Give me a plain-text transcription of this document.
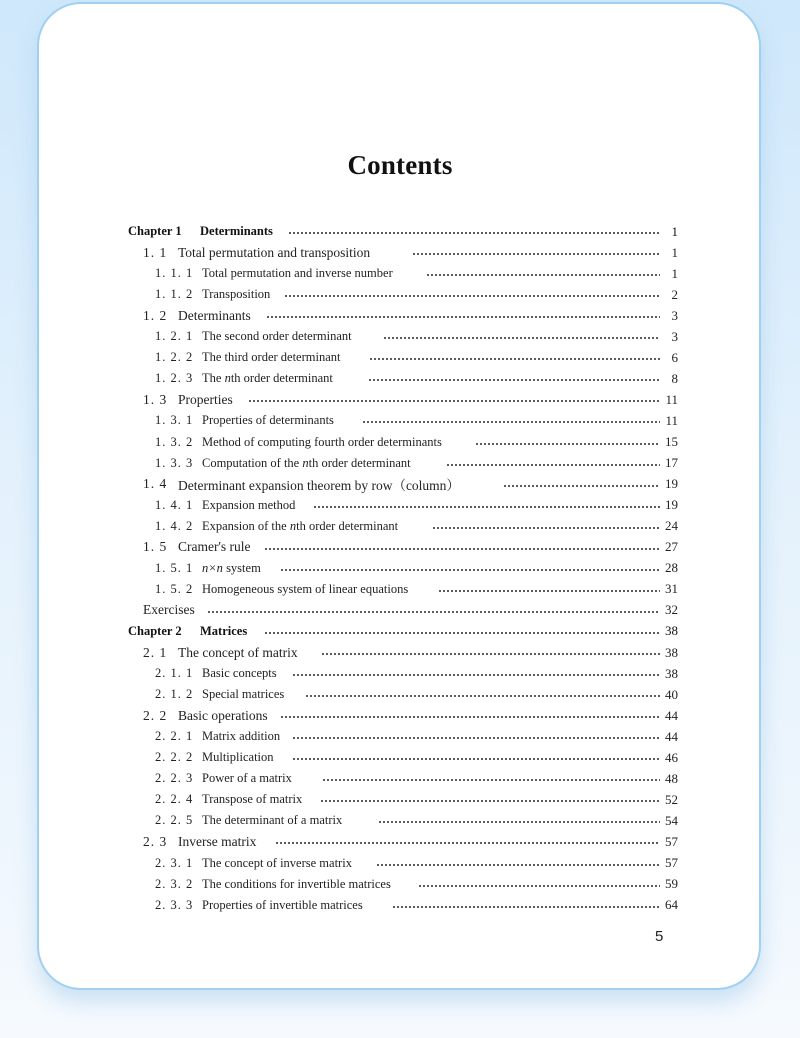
Contents
Chapter 1 Determinants	1
1. 1 Total permutation and transposition	1
1. 1. 1 Total permutation and inverse number	1
1. 1. 2 Transposition	2
1. 2 Determinants	3
1. 2. 1 The second order determinant	3
1. 2. 2 The third order determinant	6
1. 2. 3 The nth order determinant	8
1. 3 Properties	11
1. 3. 1 Properties of determinants	11
1. 3. 2 Method of computing fourth order determinants	15
1. 3. 3 Computation of the nth order determinant	17
1. 4 Determinant expansion theorem by row（column）	19
1. 4. 1 Expansion method	19
1. 4. 2 Expansion of the nth order determinant	24
1. 5 Cramer's rule	27
1. 5. 1 n×n system	28
1. 5. 2 Homogeneous system of linear equations	31
Exercises	32
Chapter 2 Matrices	38
2. 1 The concept of matrix	38
2. 1. 1 Basic concepts	38
2. 1. 2 Special matrices	40
2. 2 Basic operations	44
2. 2. 1 Matrix addition	44
2. 2. 2 Multiplication	46
2. 2. 3 Power of a matrix	48
2. 2. 4 Transpose of matrix	52
2. 2. 5 The determinant of a matrix	54
2. 3 Inverse matrix	57
2. 3. 1 The concept of inverse matrix	57
2. 3. 2 The conditions for invertible matrices	59
2. 3. 3 Properties of invertible matrices	64
5
